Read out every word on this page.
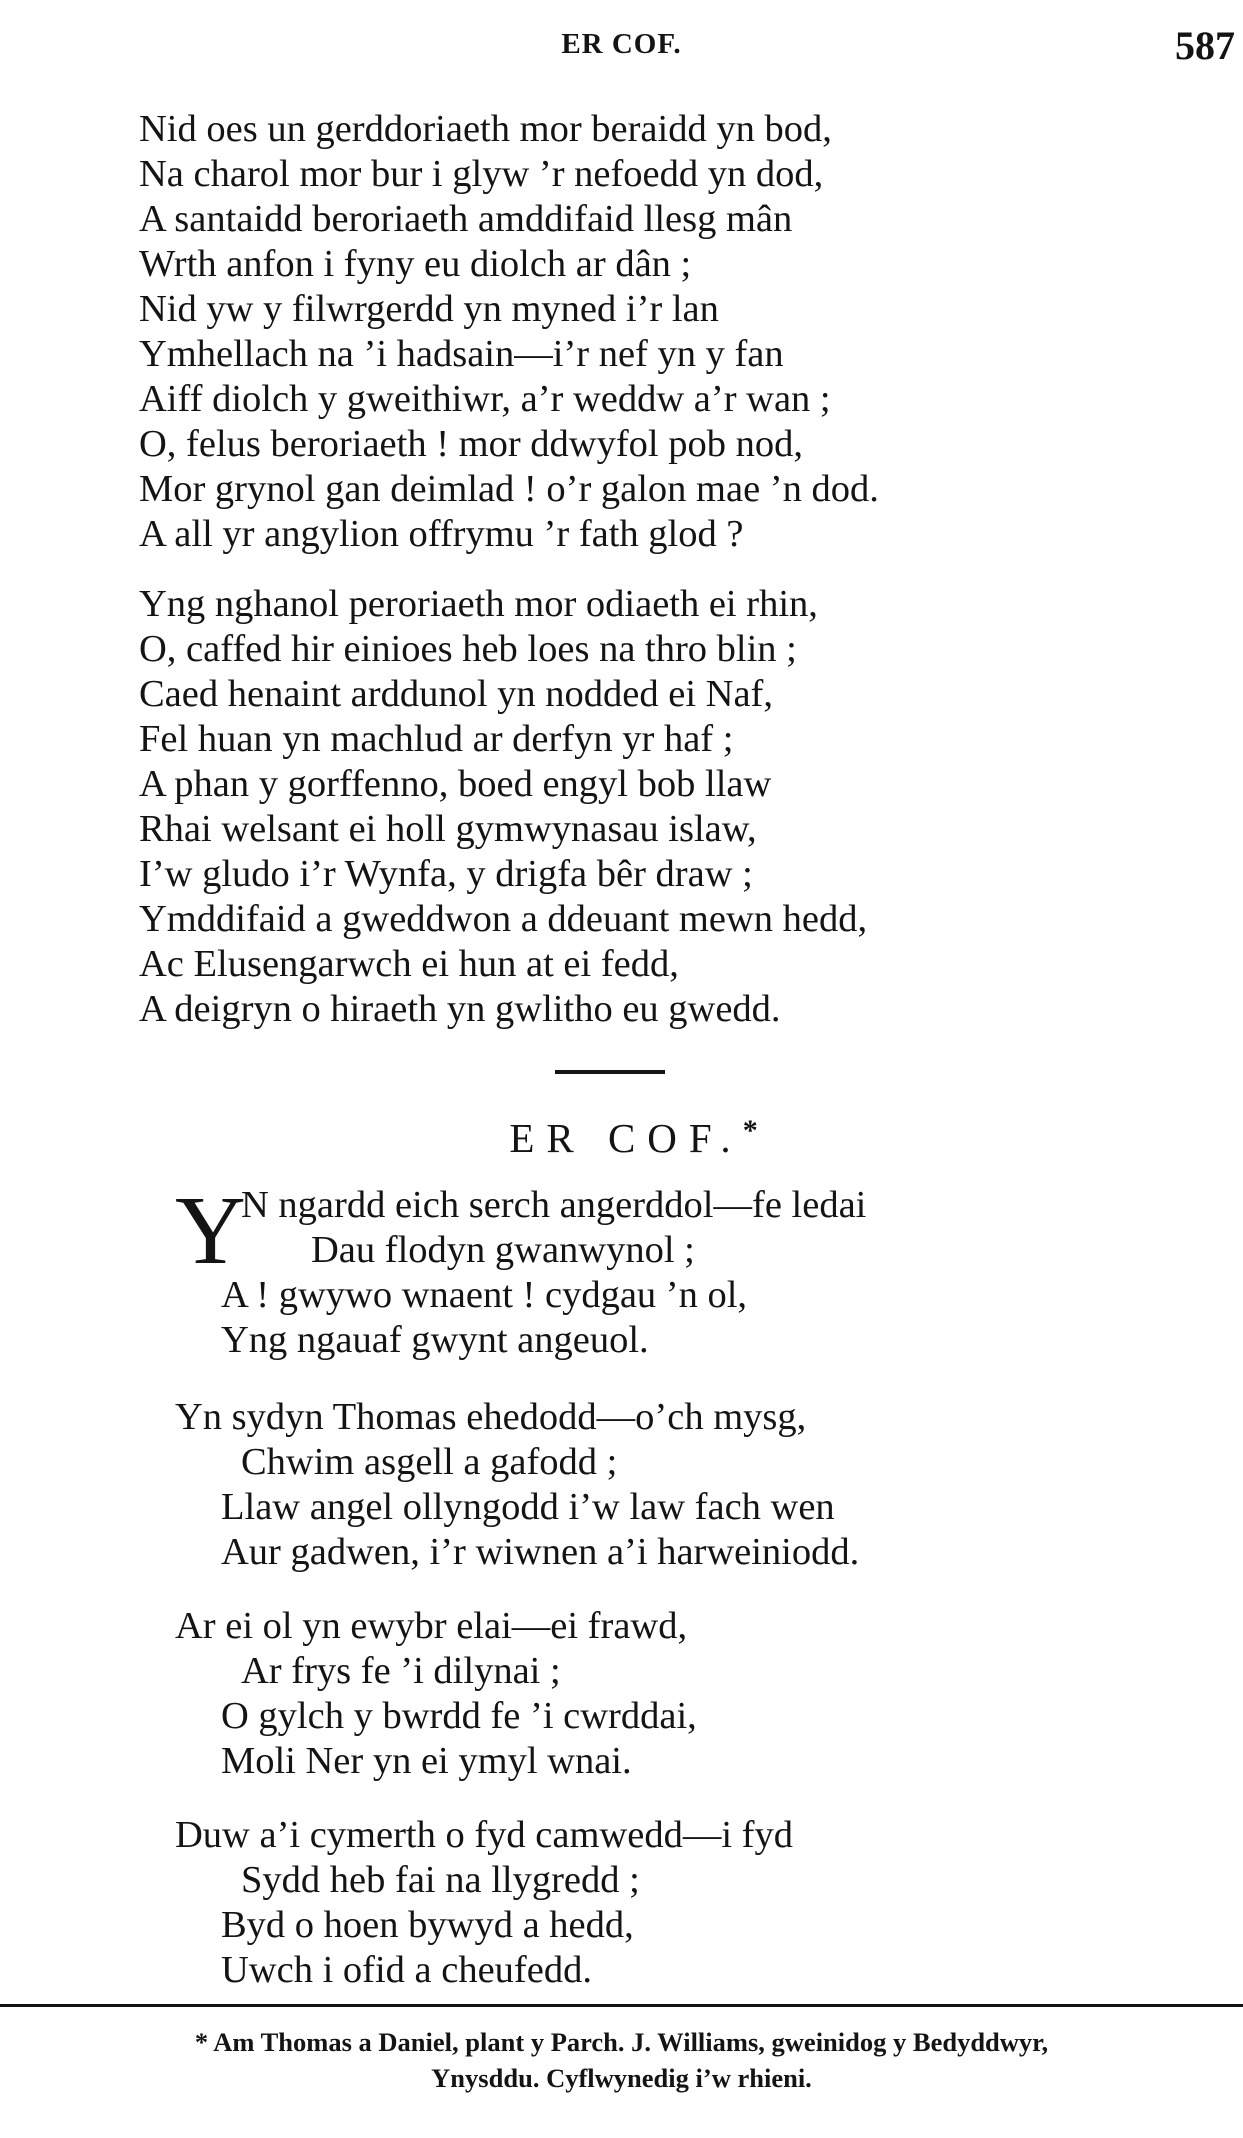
ER COF.	587
Nid oes un gerddoriaeth mor beraidd yn bod,
Na charol mor bur i glyw ’r nefoedd yn dod,
A santaidd beroriaeth amddifaid llesg mân
Wrth anfon i fyny eu diolch ar dân ;
Nid yw y filwrgerdd yn myned i’r lan
Ymhellach na ’i hadsain—i’r nef yn y fan
Aiff diolch y gweithiwr, a’r weddw a’r wan ;
O, felus beroriaeth ! mor ddwyfol pob nod,
Mor grynol gan deimlad ! o’r galon mae ’n dod.
A all yr angylion offrymu ’r fath glod ?
Yng nghanol peroriaeth mor odiaeth ei rhin,
O, caffed hir einioes heb loes na thro blin ;
Caed henaint arddunol yn nodded ei Naf,
Fel huan yn machlud ar derfyn yr haf ;
A phan y gorffenno, boed engyl bob llaw
Rhai welsant ei holl gymwynasau islaw,
I’w gludo i’r Wynfa, y drigfa bêr draw ;
Ymddifaid a gweddwon a ddeuant mewn hedd,
Ac Elusengarwch ei hun at ei fedd,
A deigryn o hiraeth yn gwlitho eu gwedd.
ER COF.*
Y
N ngardd eich serch angerddol—fe ledai
Dau flodyn gwanwynol ;
A ! gwywo wnaent ! cydgau ’n ol,
Yng ngauaf gwynt angeuol.
Yn sydyn Thomas ehedodd—o’ch mysg,
Chwim asgell a gafodd ;
Llaw angel ollyngodd i’w law fach wen
Aur gadwen, i’r wiwnen a’i harweiniodd.
Ar ei ol yn ewybr elai—ei frawd,
Ar frys fe ’i dilynai ;
O gylch y bwrdd fe ’i cwrddai,
Moli Ner yn ei ymyl wnai.
Duw a’i cymerth o fyd camwedd—i fyd
Sydd heb fai na llygredd ;
Byd o hoen bywyd a hedd,
Uwch i ofid a cheufedd.
* Am Thomas a Daniel, plant y Parch. J. Williams, gweinidog y Bedyddwyr,
Ynysddu. Cyflwynedig i’w rhieni.
